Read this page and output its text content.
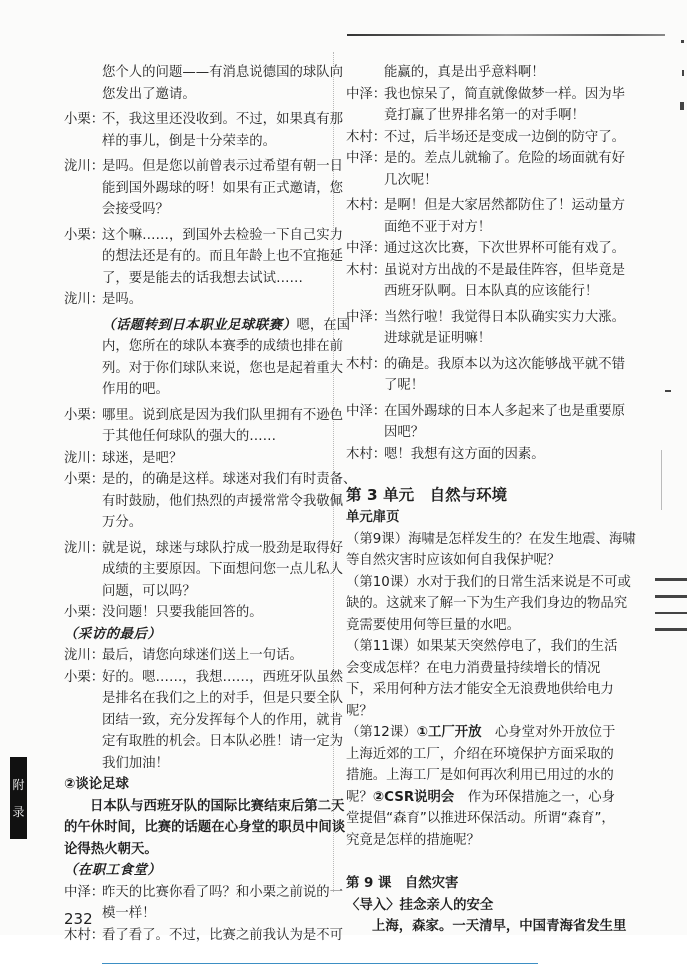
附
录
您个人的问题——有消息说德国的球队向
您发出了邀请。
小栗：
不，我这里还没收到。不过，如果真有那
样的事儿，倒是十分荣幸的。
泷川：
是吗。但是您以前曾表示过希望有朝一日
能到国外踢球的呀！如果有正式邀请，您
会接受吗？
小栗：
这个嘛……，到国外去检验一下自己实力
的想法还是有的。而且年龄上也不宜拖延
了，要是能去的话我想去试试……
泷川：
是吗。
（话题转到日本职业足球联赛） 嗯，在国
内，您所在的球队本赛季的成绩也排在前
列。对于你们球队来说，您也是起着重大
作用的吧。
小栗：
哪里。说到底是因为我们队里拥有不逊色
于其他任何球队的强大的……
泷川：
球迷，是吧？
小栗：
是的，的确是这样。球迷对我们有时责备、
有时鼓励，他们热烈的声援常常令我敬佩
万分。
泷川：
就是说，球迷与球队拧成一股劲是取得好
成绩的主要原因。下面想问您一点儿私人
问题，可以吗？
小栗：
没问题！只要我能回答的。
（采访的最后）
泷川：
最后，请您向球迷们送上一句话。
小栗：
好的。嗯……，我想……，西班牙队虽然
是排名在我们之上的对手，但是只要全队
团结一致，充分发挥每个人的作用，就肯
定有取胜的机会。日本队必胜！请一定为
我们加油！
②谈论足球
日本队与西班牙队的国际比赛结束后第二天
的午休时间，比赛的话题在心身堂的职员中间谈
论得热火朝天。
（在职工食堂）
中泽：
昨天的比赛你看了吗？和小栗之前说的一
模一样！
木村：
看了看了。不过，比赛之前我认为是不可
能赢的，真是出乎意料啊！
中泽：
我也惊呆了，简直就像做梦一样。因为毕
竟打赢了世界排名第一的对手啊！
木村：
不过，后半场还是变成一边倒的防守了。
中泽：
是的。差点儿就输了。危险的场面就有好
几次呢！
木村：
是啊！但是大家居然都防住了！运动量方
面绝不亚于对方！
中泽：
通过这次比赛，下次世界杯可能有戏了。
木村：
虽说对方出战的不是最佳阵容，但毕竟是
西班牙队啊。日本队真的应该能行！
中泽：
当然行啦！我觉得日本队确实实力大涨。
进球就是证明嘛！
木村：
的确是。我原本以为这次能够战平就不错
了呢！
中泽：
在国外踢球的日本人多起来了也是重要原
因吧？
木村：
嗯！我想有这方面的因素。
第 3 单元　自然与环境
单元扉页
（第9课）海啸是怎样发生的？在发生地震、海啸
等自然灾害时应该如何自我保护呢？
（第10课）水对于我们的日常生活来说是不可或
缺的。这就来了解一下为生产我们身边的物品究
竟需要使用何等巨量的水吧。
（第11课）如果某天突然停电了，我们的生活
会变成怎样？在电力消费量持续增长的情况
下，采用何种方法才能安全无浪费地供给电力
呢？
（第12课） ①工厂开放 　心身堂对外开放位于
上海近郊的工厂，介绍在环境保护方面采取的
措施。上海工厂是如何再次利用已用过的水的
呢？ ②CSR说明会 　作为环保措施之一，心身
堂提倡“森育”以推进环保活动。所谓“森育”，
究竟是怎样的措施呢？
第 9 课　自然灾害
〈导入〉挂念亲人的安全
上海，森家。一天清早，中国青海省发生里
232
